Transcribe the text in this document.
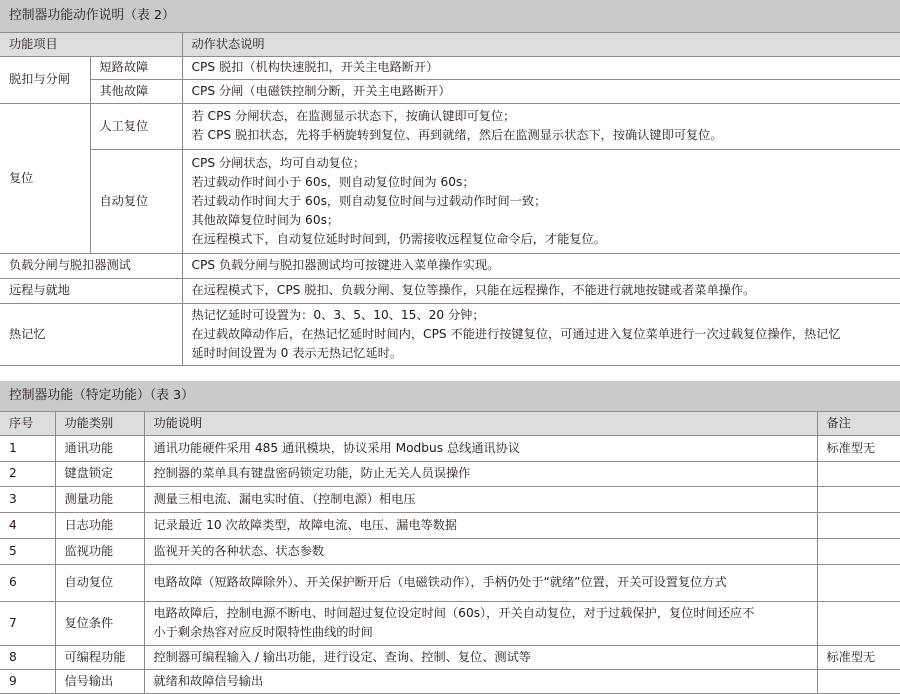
控制器功能动作说明（表 2）		
功能项目		动作状态说明
脱扣与分闸	短路故障	CPS 脱扣（机构快速脱扣，开关主电路断开）
	其他故障	CPS 分闸（电磁铁控制分断，开关主电路断开）
复位	人工复位	若 CPS 分闸状态，在监测显示状态下，按确认键即可复位；
若 CPS 脱扣状态，先将手柄旋转到复位、再到就绪，然后在监测显示状态下，按确认键即可复位。

	自动复位	CPS 分闸状态，均可自动复位；
若过载动作时间小于 60s，则自动复位时间为 60s；
若过载动作时间大于 60s，则自动复位时间与过载动作时间一致；
其他故障复位时间为 60s；
在远程模式下，自动复位延时时间到，仍需接收远程复位命令后，才能复位。

负载分闸与脱扣器测试		CPS 负载分闸与脱扣器测试均可按键进入菜单操作实现。
远程与就地		在远程模式下，CPS 脱扣、负载分闸、复位等操作，只能在远程操作，不能进行就地按键或者菜单操作。
热记忆		热记忆延时可设置为：0、3、5、10、15、20 分钟；
在过载故障动作后，在热记忆延时时间内，CPS 不能进行按键复位，可通过进入复位菜单进行一次过载复位操作，热记忆
延时时间设置为 0 表示无热记忆延时。
控制器功能（特定功能）（表 3）			
序号	功能类别	功能说明	备注
1	通讯功能	通讯功能硬件采用 485 通讯模块，协议采用 Modbus 总线通讯协议	标准型无
2	键盘锁定	控制器的菜单具有键盘密码锁定功能，防止无关人员误操作	
3	测量功能	测量三相电流、漏电实时值、（控制电源）相电压	
4	日志功能	记录最近 10 次故障类型，故障电流、电压、漏电等数据	
5	监视功能	监视开关的各种状态、状态参数	
6	自动复位	电路故障（短路故障除外）、开关保护断开后（电磁铁动作），手柄仍处于“就绪”位置，开关可设置复位方式	
7	复位条件	电路故障后，控制电源不断电、时间超过复位设定时间（60s），开关自动复位，对于过载保护，复位时间还应不
小于剩余热容对应反时限特性曲线的时间	

8	可编程功能	控制器可编程输入 / 输出功能，进行设定、查询、控制、复位、测试等	标准型无
9	信号输出	就绪和故障信号输出	
